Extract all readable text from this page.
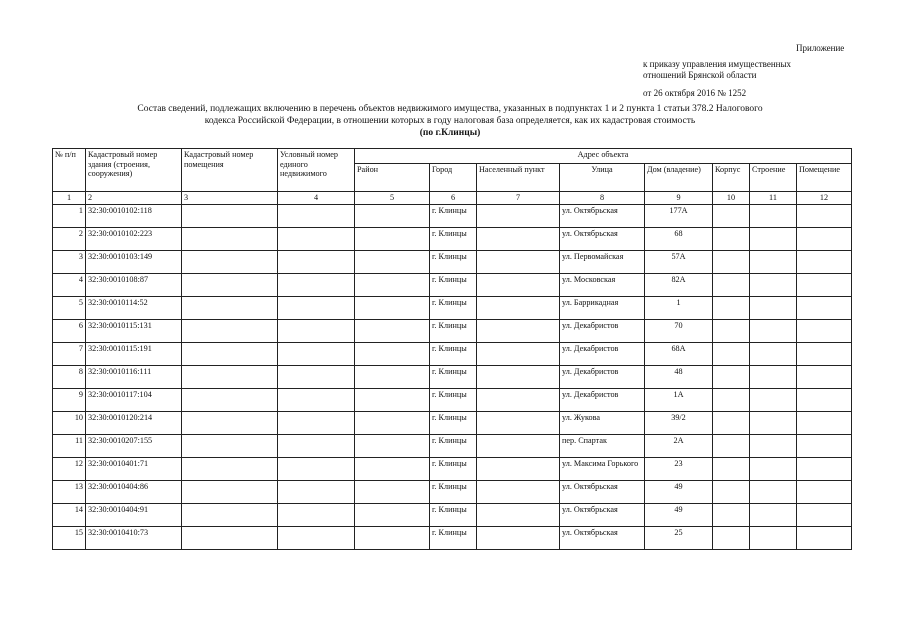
Приложение
к приказу управления имущественных
отношений Брянской области
от 26 октября 2016 № 1252
Состав сведений, подлежащих включению в перечень объектов недвижимого имущества, указанных в подпунктах 1 и 2 пункта 1 статьи 378.2 Налогового
кодекса Российской Федерации, в отношении которых в году налоговая база определяется, как их кадастровая стоимость
(по г.Клинцы)
№ п/п	Кадастровый номер здания (строения, сооружения)	Кадастровый номер помещения	Условный номер единого недвижимого	Адрес объекта							
				Район	Город	Населенный пункт	Улица	Дом (владение)	Корпус	Строение	Помещение
1	2	3	4	5	6	7	8	9	10	11	12
1	32:30:0010102:118				г. Клинцы		ул. Октябрьская	177А			
2	32:30:0010102:223				г. Клинцы		ул. Октябрьская	68			
3	32:30:0010103:149				г. Клинцы		ул. Первомайская	57А			
4	32:30:0010108:87				г. Клинцы		ул. Московская	82А			
5	32:30:0010114:52				г. Клинцы		ул. Баррикадная	1			
6	32:30:0010115:131				г. Клинцы		ул. Декабристов	70			
7	32:30:0010115:191				г. Клинцы		ул. Декабристов	68А			
8	32:30:0010116:111				г. Клинцы		ул. Декабристов	48			
9	32:30:0010117:104				г. Клинцы		ул. Декабристов	1А			
10	32:30:0010120:214				г. Клинцы		ул. Жукова	39/2			
11	32:30:0010207:155				г. Клинцы		пер. Спартак	2А			
12	32:30:0010401:71				г. Клинцы		ул. Максима Горького	23			
13	32:30:0010404:86				г. Клинцы		ул. Октябрьская	49			
14	32:30:0010404:91				г. Клинцы		ул. Октябрьская	49			
15	32:30:0010410:73				г. Клинцы		ул. Октябрьская	25			
